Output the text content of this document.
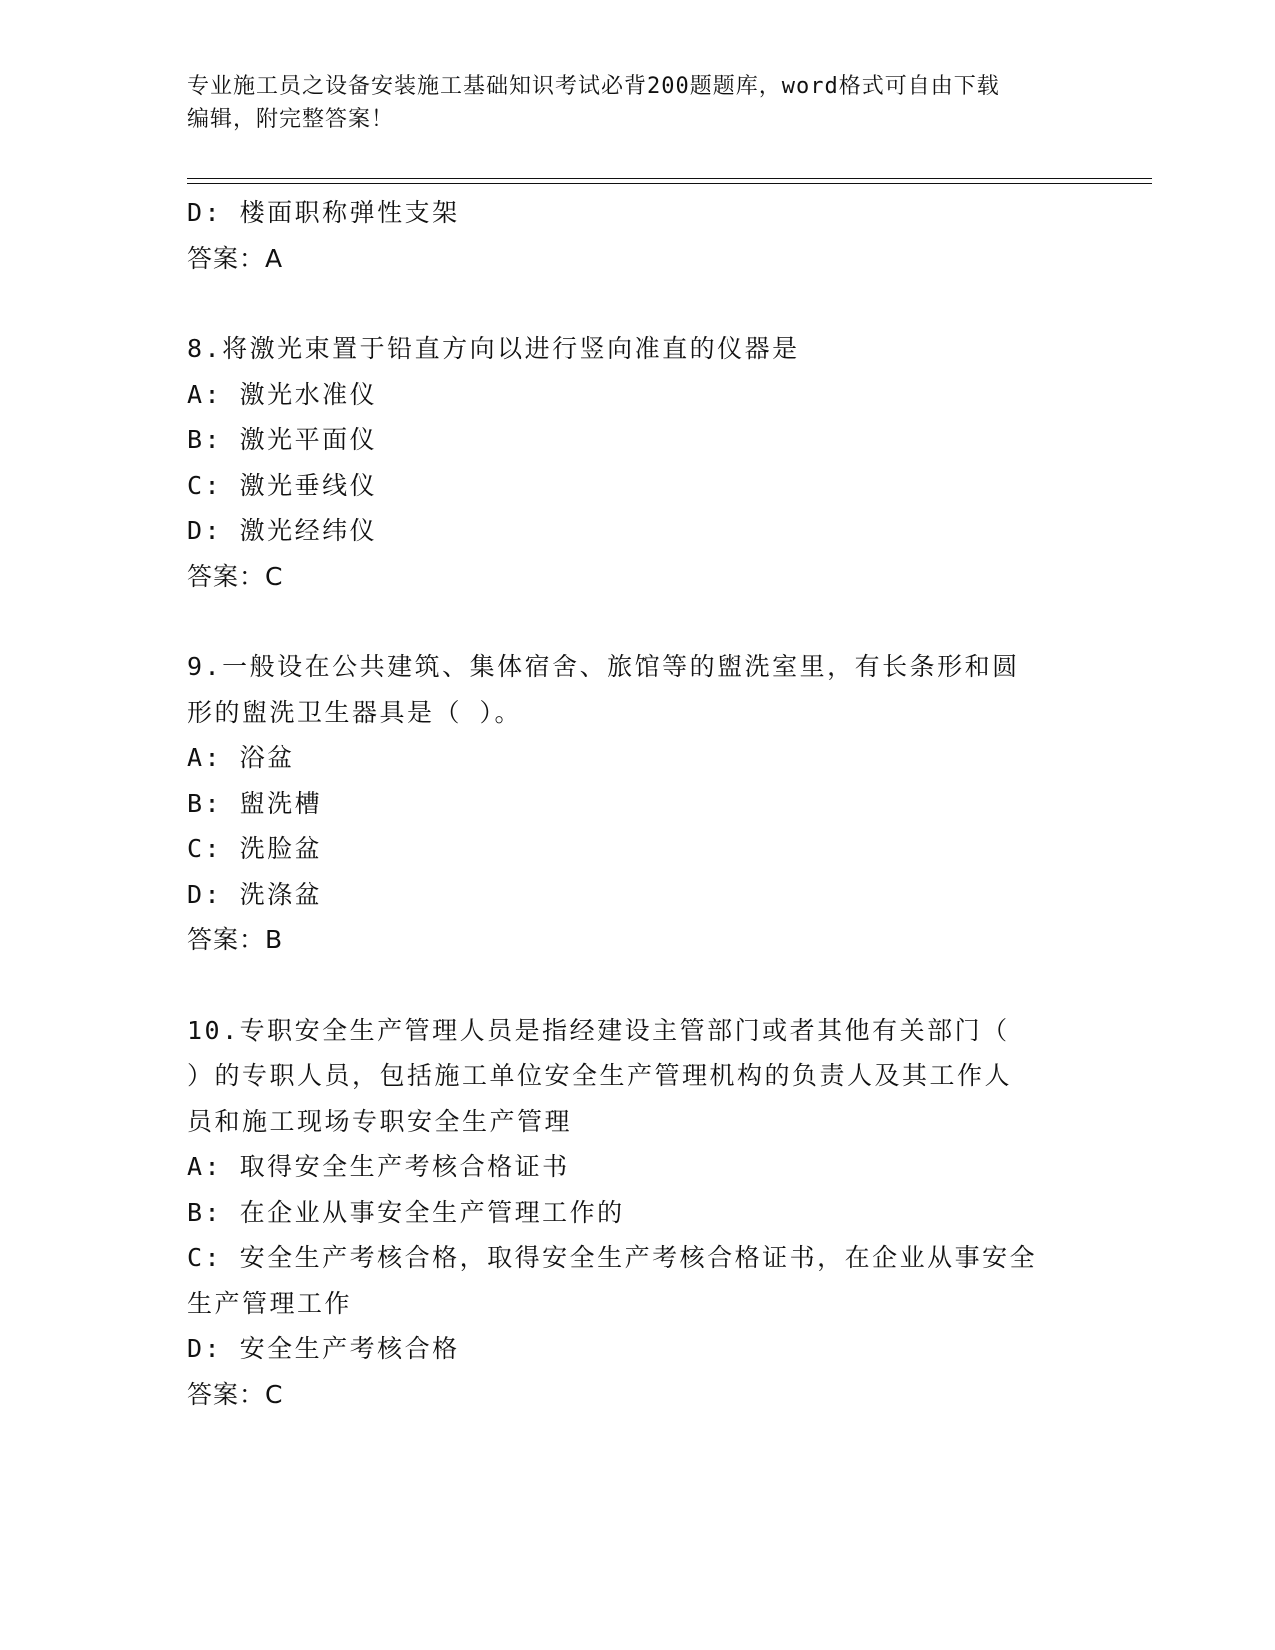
专业施工员之设备安装施工基础知识考试必背200题题库，word格式可自由下载
编辑，附完整答案！
D: 楼面职称弹性支架
答案：A
8.将激光束置于铅直方向以进行竖向准直的仪器是
A: 激光水准仪
B: 激光平面仪
C: 激光垂线仪
D: 激光经纬仪
答案：C
9.一般设在公共建筑、集体宿舍、旅馆等的盥洗室里，有长条形和圆
形的盥洗卫生器具是（ ）。
A: 浴盆
B: 盥洗槽
C: 洗脸盆
D: 洗涤盆
答案：B
10.专职安全生产管理人员是指经建设主管部门或者其他有关部门（
）的专职人员，包括施工单位安全生产管理机构的负责人及其工作人
员和施工现场专职安全生产管理
A: 取得安全生产考核合格证书
B: 在企业从事安全生产管理工作的
C: 安全生产考核合格，取得安全生产考核合格证书，在企业从事安全
生产管理工作
D: 安全生产考核合格
答案：C
